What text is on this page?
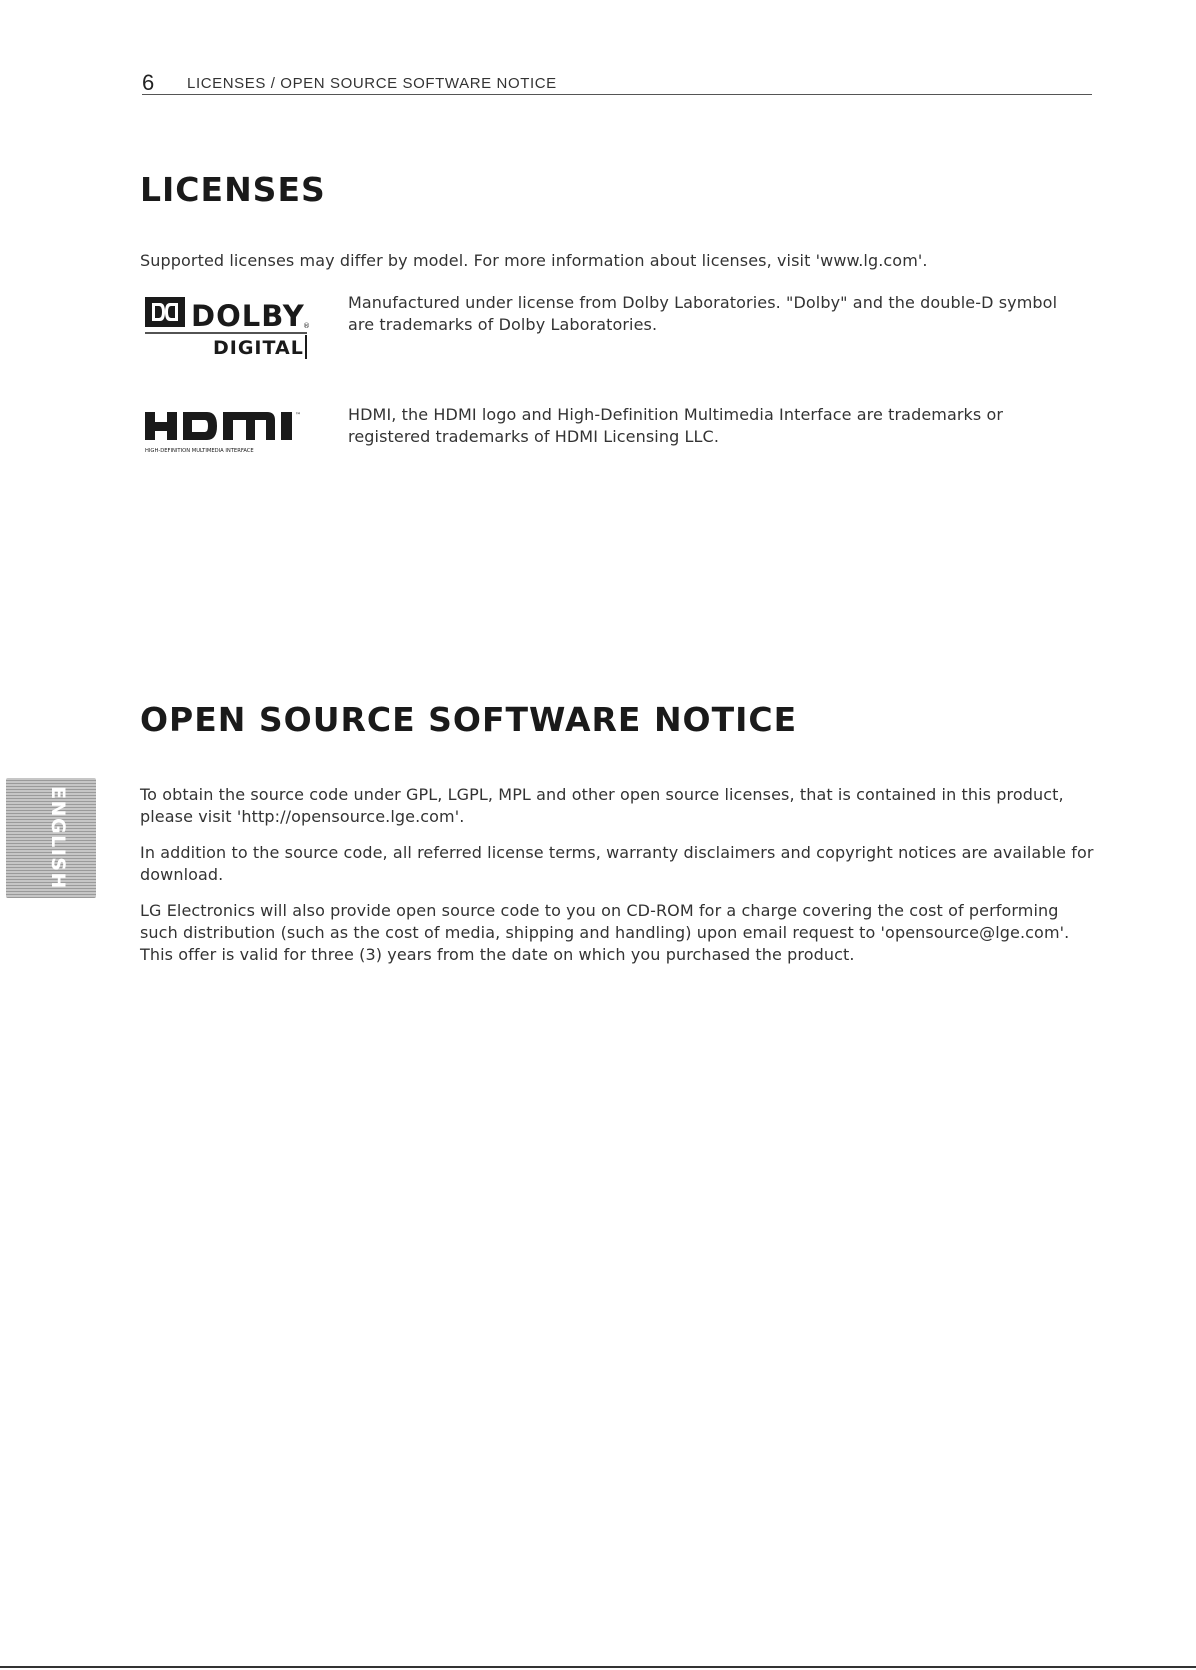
6 LICENSES / OPEN SOURCE SOFTWARE NOTICE
LICENSES

Supported licenses may differ by model. For more information about licenses, visit 'www.lg.com'.

DOLBY
®
DIGITAL

Manufactured under license from Dolby Laboratories. "Dolby" and the double-D symbol are trademarks of Dolby Laboratories.

™
HIGH-DEFINITION MULTIMEDIA INTERFACE

HDMI, the HDMI logo and High-Definition Multimedia Interface are trademarks or registered trademarks of HDMI Licensing LLC.

OPEN SOURCE SOFTWARE NOTICE

To obtain the source code under GPL, LGPL, MPL and other open source licenses, that is contained in this product, please visit 'http://opensource.lge.com'.

In addition to the source code, all referred license terms, warranty disclaimers and copyright notices are available for download.

LG Electronics will also provide open source code to you on CD-ROM for a charge covering the cost of performing such distribution (such as the cost of media, shipping and handling) upon email request to 'opensource@lge.com'. This offer is valid for three (3) years from the date on which you purchased the product.

ENGLISH
